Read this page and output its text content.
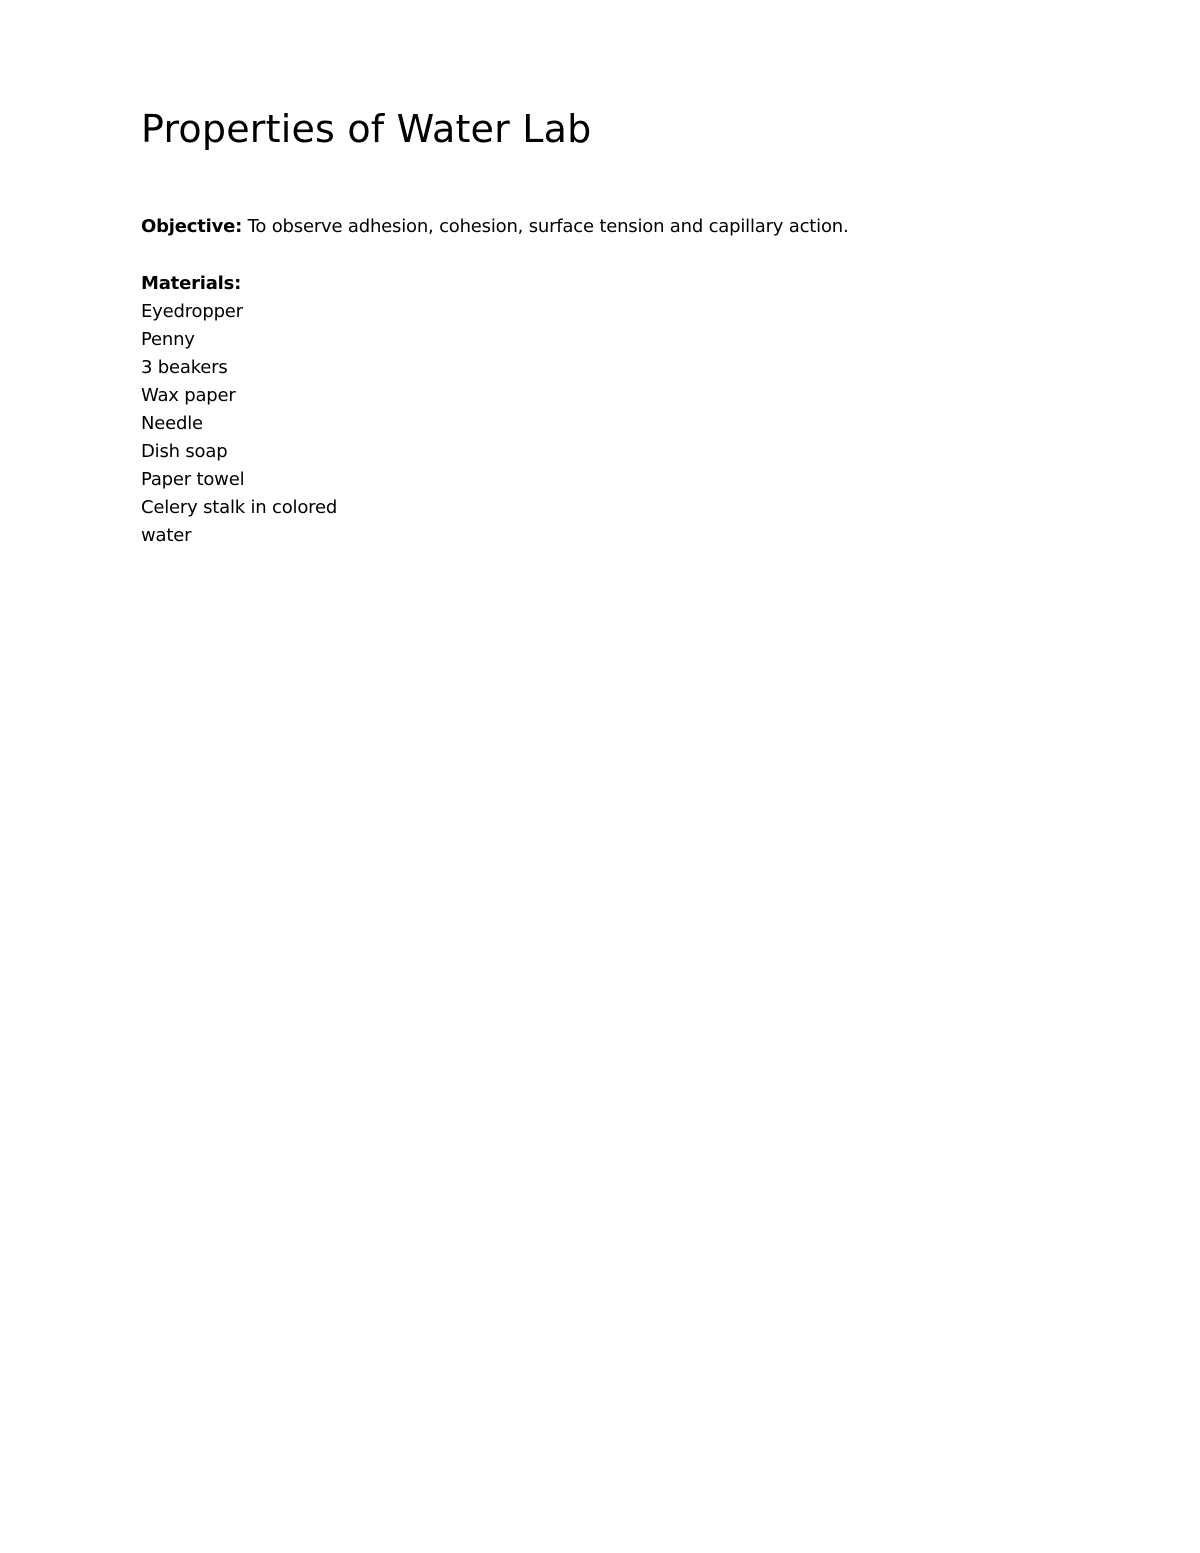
Properties of Water Lab

Objective: To observe adhesion, cohesion, surface tension and capillary action.

Materials:
Eyedropper
Penny
3 beakers
Wax paper
Needle
Dish soap
Paper towel
Celery stalk in colored
water
